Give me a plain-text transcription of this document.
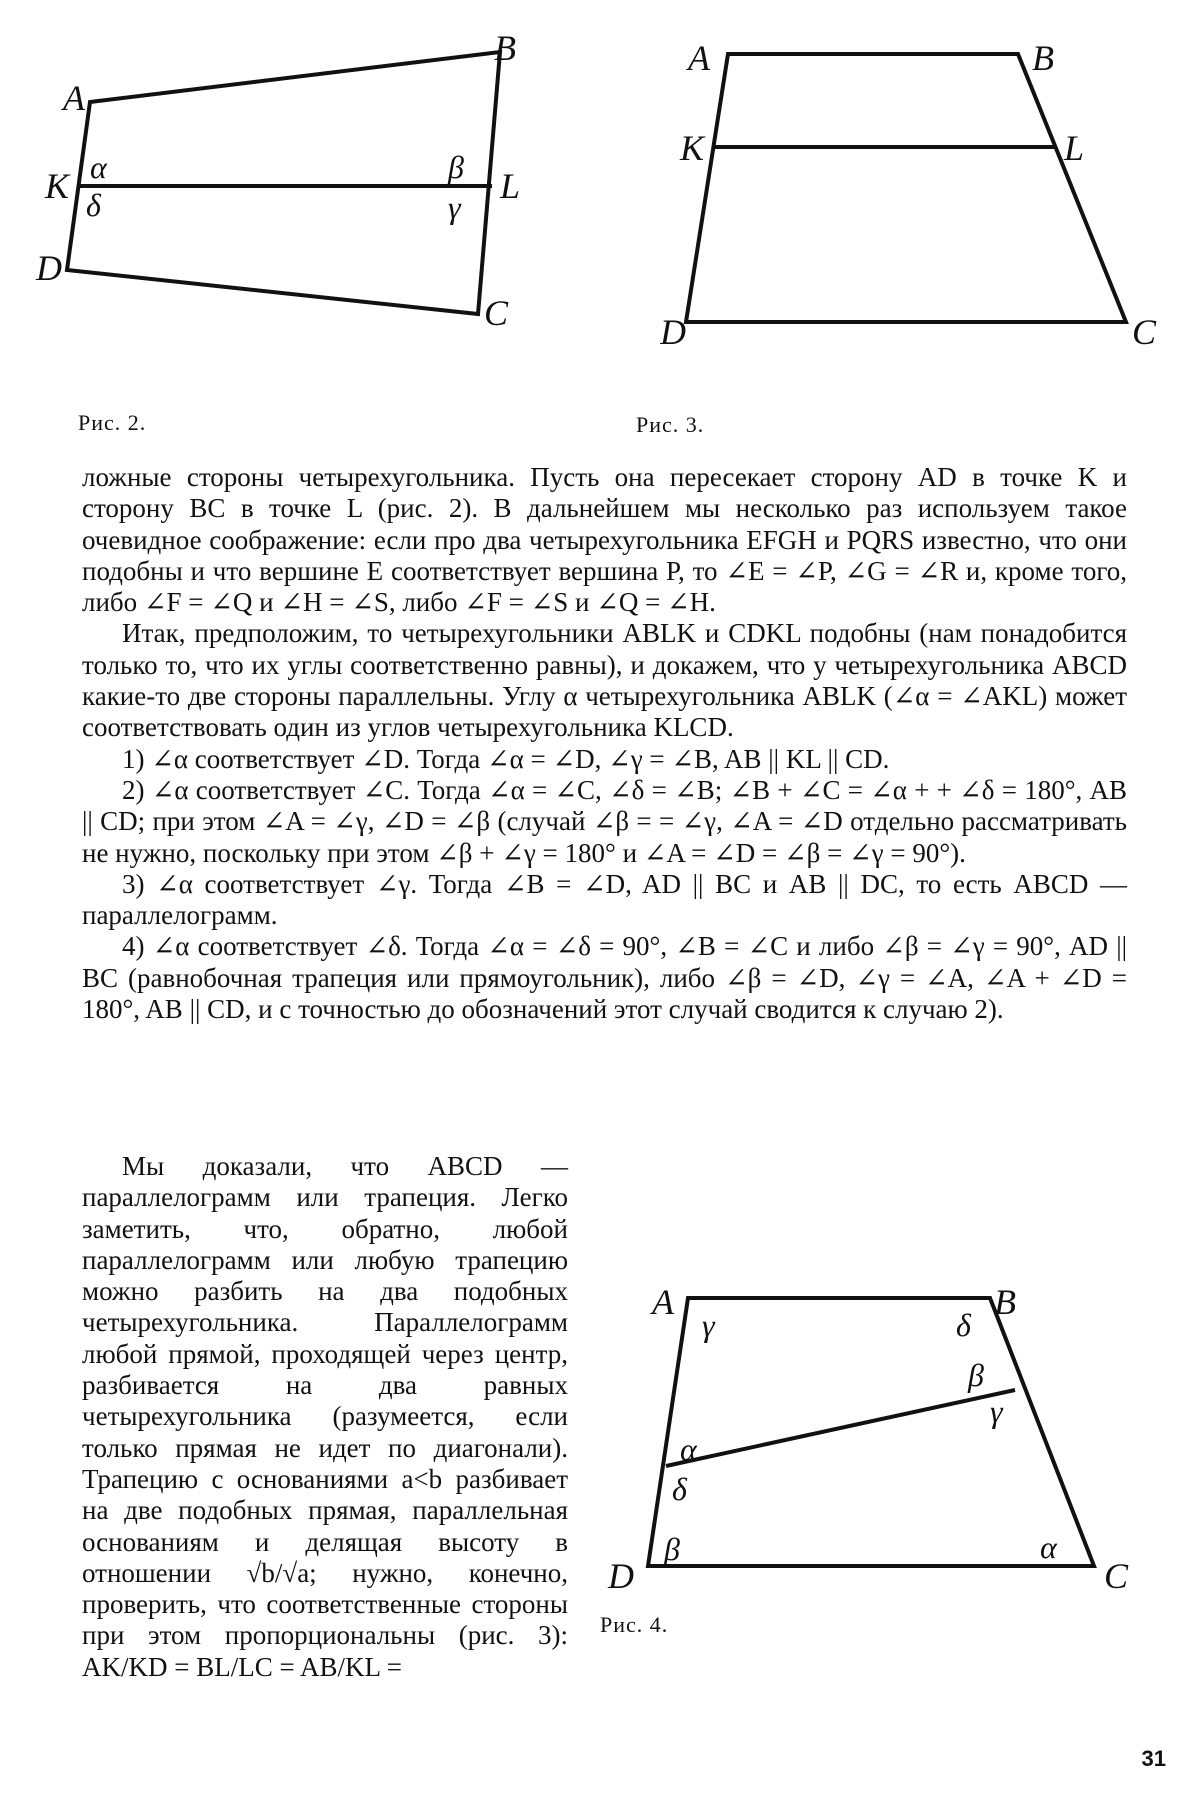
A
B
C
D
K	L
α
δ
β
γ
Рис. 2.
A	B
C
D
K	L
Рис. 3.

ложные стороны четырехугольника. Пусть она пересекает сторону AD в точке K и сторону BC в точке L (рис. 2). В дальнейшем мы несколько раз используем такое очевидное соображение: если про два четырехугольника EFGH и PQRS известно, что они подобны и что вершине E соответствует вершина P, то ∠E = ∠P, ∠G = ∠R и, кроме того, либо ∠F = ∠Q и ∠H = ∠S, либо ∠F = ∠S и ∠Q = ∠H.

Итак, предположим, то четырехугольники ABLK и CDKL подобны (нам понадобится только то, что их углы соответственно равны), и докажем, что у четырехугольника ABCD какие-то две стороны параллельны. Углу α четырехугольника ABLK (∠α = ∠AKL) может соответствовать один из углов четырехугольника KLCD.

1) ∠α соответствует ∠D. Тогда ∠α = ∠D, ∠γ = ∠B, AB || KL || CD.

2) ∠α соответствует ∠C. Тогда ∠α = ∠C, ∠δ = ∠B; ∠B + ∠C = ∠α + + ∠δ = 180°, AB || CD; при этом ∠A = ∠γ, ∠D = ∠β (случай ∠β = = ∠γ, ∠A = ∠D отдельно рассматривать не нужно, поскольку при этом ∠β + ∠γ = 180° и ∠A = ∠D = ∠β = ∠γ = 90°).

3) ∠α соответствует ∠γ. Тогда ∠B = ∠D, AD || BC и AB || DC, то есть ABCD — параллелограмм.

4) ∠α соответствует ∠δ. Тогда ∠α = ∠δ = 90°, ∠B = ∠C и либо ∠β = ∠γ = 90°, AD || BC (равнобочная трапеция или прямоугольник), либо ∠β = ∠D, ∠γ = ∠A, ∠A + ∠D = 180°, AB || CD, и с точностью до обозначений этот случай сводится к случаю 2).

Мы доказали, что ABCD — параллелограмм или трапеция. Легко заметить, что, обратно, любой параллелограмм или любую трапецию можно разбить на два подобных четырехугольника. Параллелограмм любой прямой, проходящей через центр, разбивается на два равных четырехугольника (разумеется, если только прямая не идет по диагонали). Трапецию с основаниями a<b разбивает на две подобных прямая, параллельная основаниям и делящая высоту в отношении √b/√a; нужно, конечно, проверить, что соответственные стороны при этом пропорциональны (рис. 3): AK/KD = BL/LC = AB/KL =

A	B
C
D
γ	δ
β
γ
α
δ
β	α
Рис. 4.
31
